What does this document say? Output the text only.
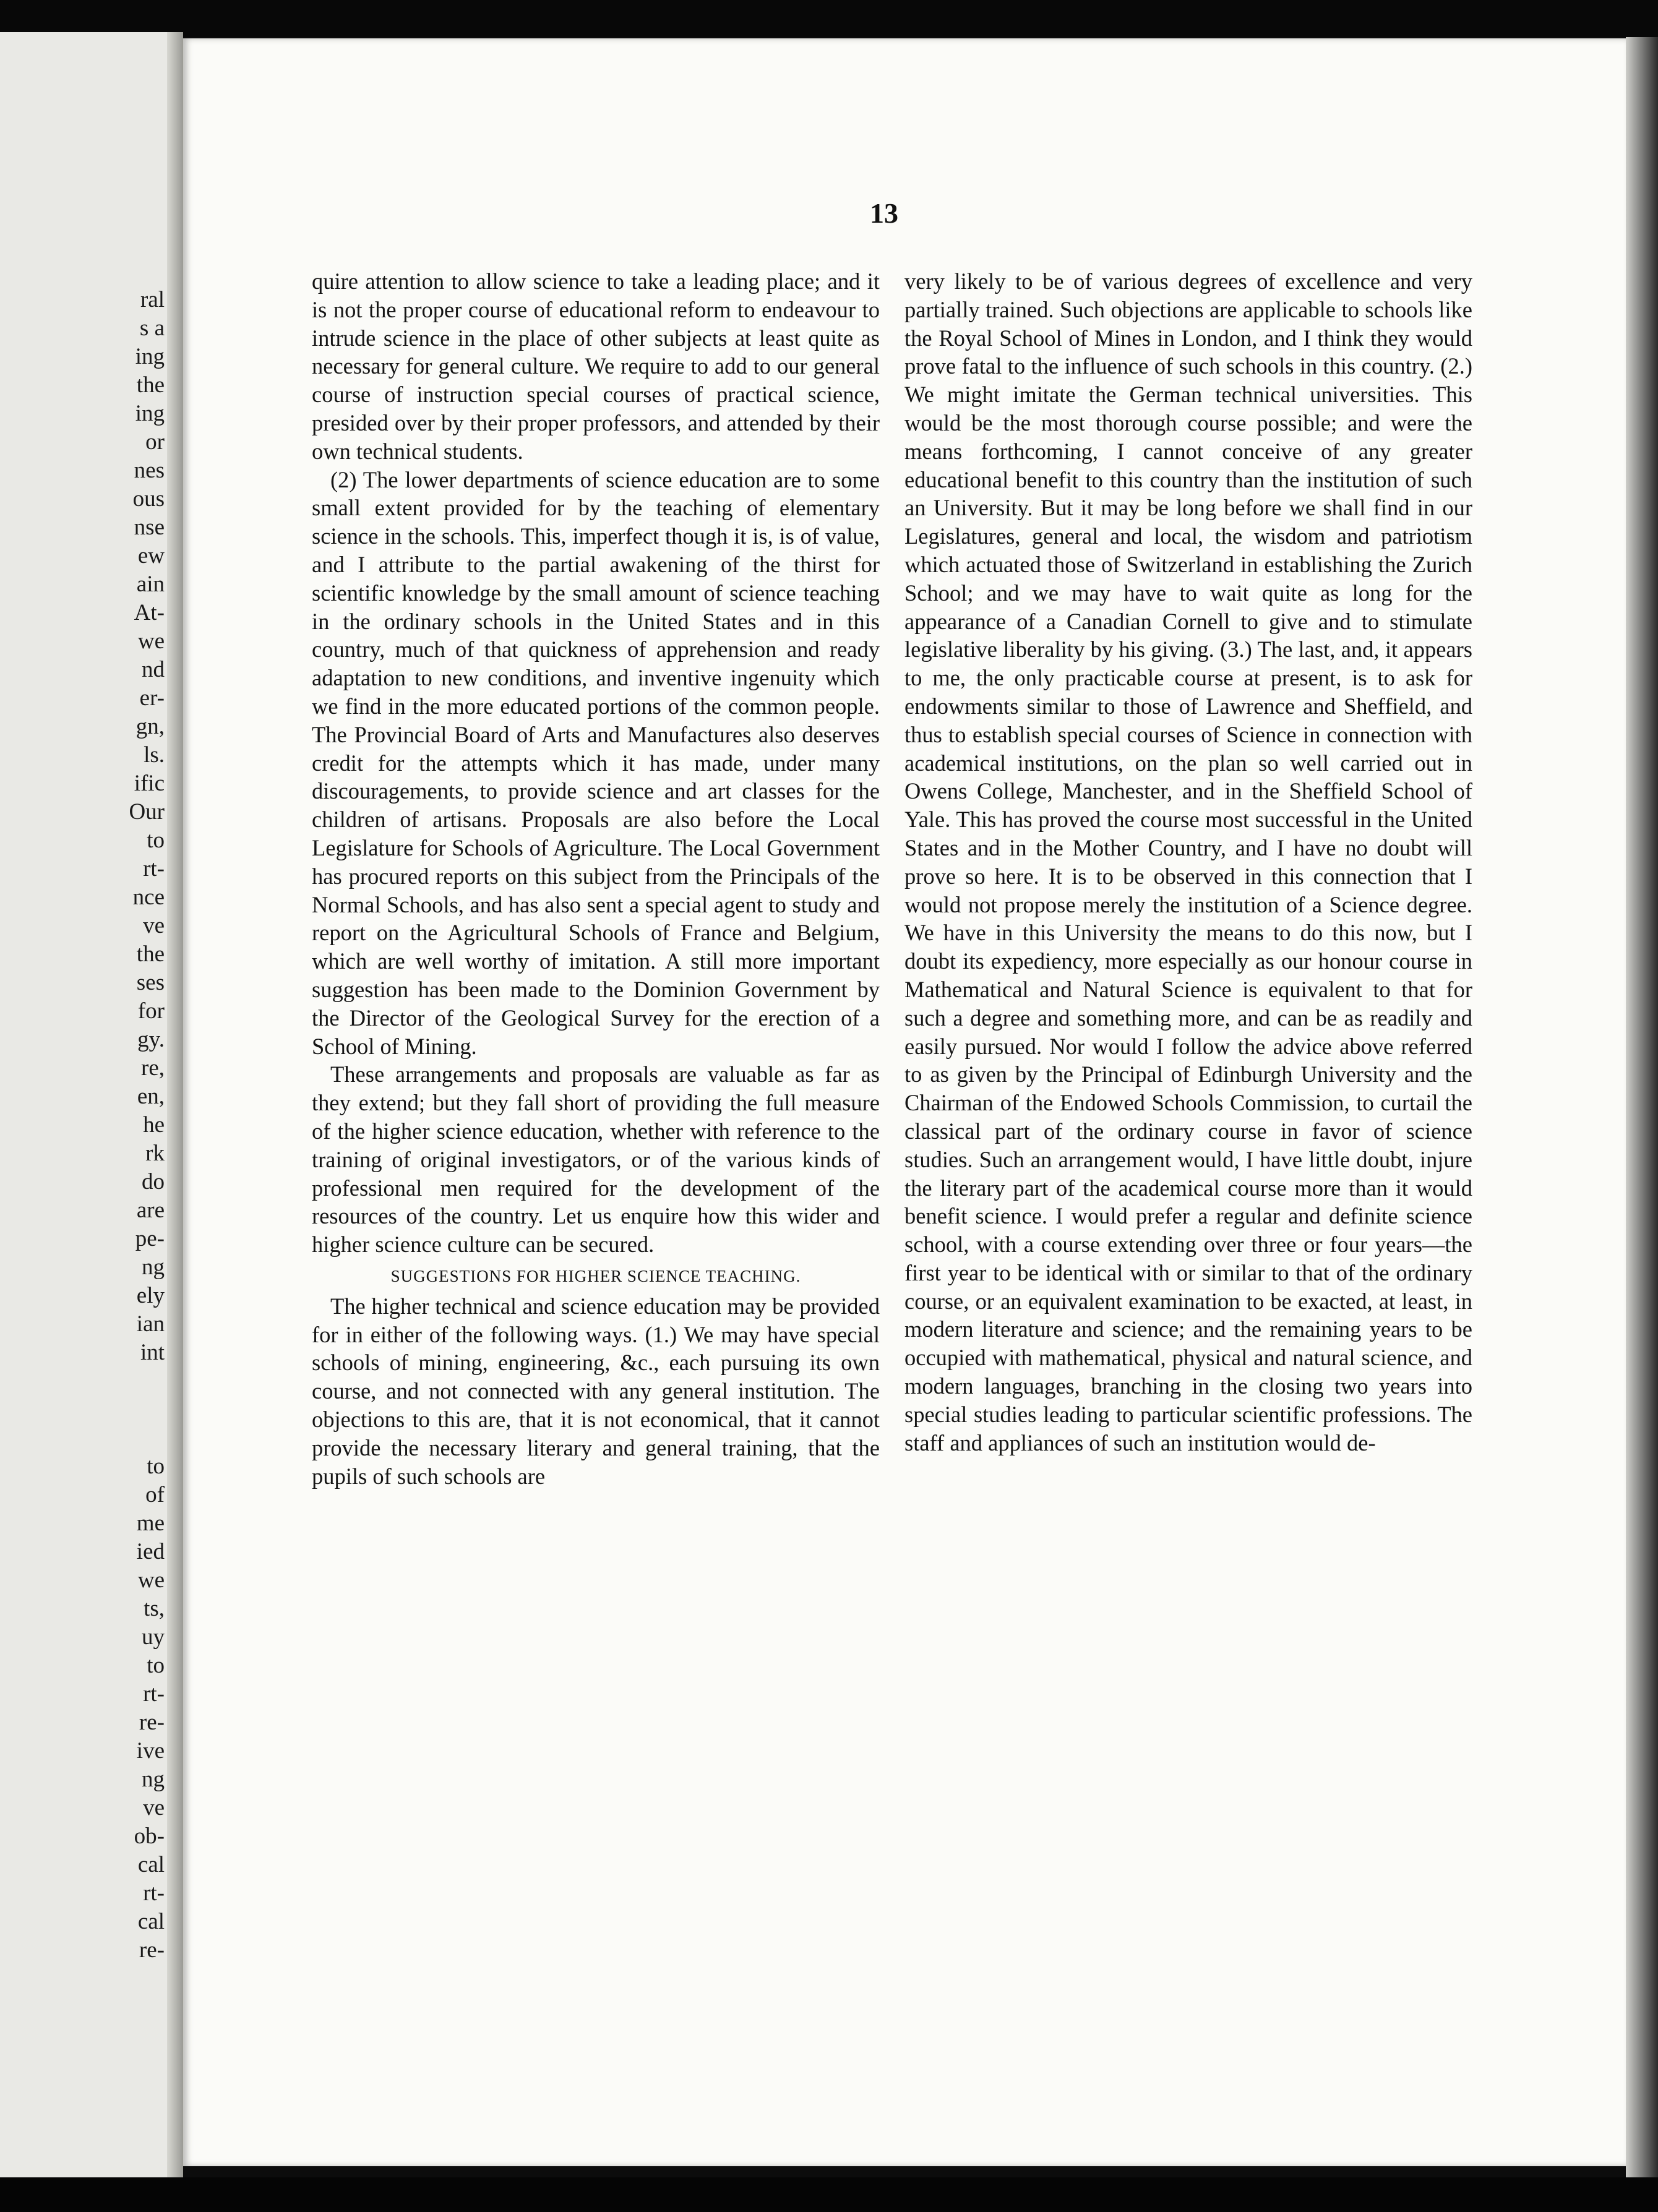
ral
s a
ing
the
ing
or
nes
ous
nse
ew
ain
At-
we
nd
er-
gn,
ls.
ific
Our
to
rt-
nce
ve
the
ses
for
gy.
re,
en,
he
rk
do
are
pe-
ng
ely
ian
int
to
of
me
ied
we
ts,
uy
to
rt-
re-
ive
ng
ve
ob-
cal
rt-
cal
re-
13

quire attention to allow science to take a leading place; and it is not the proper course of educational reform to endeavour to intrude science in the place of other subjects at least quite as necessary for general culture. We require to add to our general course of instruction special courses of practical science, presided over by their proper professors, and attended by their own technical students.

(2) The lower departments of science education are to some small extent provided for by the teaching of elementary science in the schools. This, imperfect though it is, is of value, and I attribute to the partial awakening of the thirst for scientific knowledge by the small amount of science teaching in the ordinary schools in the United States and in this country, much of that quickness of apprehension and ready adaptation to new conditions, and inventive ingenuity which we find in the more educated portions of the common people. The Provincial Board of Arts and Manufactures also deserves credit for the attempts which it has made, under many discouragements, to provide science and art classes for the children of artisans. Proposals are also before the Local Legislature for Schools of Agriculture. The Local Government has procured reports on this subject from the Principals of the Normal Schools, and has also sent a special agent to study and report on the Agricultural Schools of France and Belgium, which are well worthy of imitation. A still more important suggestion has been made to the Dominion Government by the Director of the Geological Survey for the erection of a School of Mining.

These arrangements and proposals are valuable as far as they extend; but they fall short of providing the full measure of the higher science education, whether with reference to the training of original investigators, or of the various kinds of professional men required for the development of the resources of the country. Let us enquire how this wider and higher science culture can be secured.

SUGGESTIONS FOR HIGHER SCIENCE TEACHING.

The higher technical and science education may be provided for in either of the following ways. (1.) We may have special schools of mining, engineering, &c., each pursuing its own course, and not connected with any general institution. The objections to this are, that it is not economical, that it cannot provide the necessary literary and general training, that the pupils of such schools are

very likely to be of various degrees of excellence and very partially trained. Such objections are applicable to schools like the Royal School of Mines in London, and I think they would prove fatal to the influence of such schools in this country. (2.) We might imitate the German technical universities. This would be the most thorough course possible; and were the means forthcoming, I cannot conceive of any greater educational benefit to this country than the institution of such an University. But it may be long before we shall find in our Legislatures, general and local, the wisdom and patriotism which actuated those of Switzerland in establishing the Zurich School; and we may have to wait quite as long for the appearance of a Canadian Cornell to give and to stimulate legislative liberality by his giving. (3.) The last, and, it appears to me, the only practicable course at present, is to ask for endowments similar to those of Lawrence and Sheffield, and thus to establish special courses of Science in connection with academical institutions, on the plan so well carried out in Owens College, Manchester, and in the Sheffield School of Yale. This has proved the course most successful in the United States and in the Mother Country, and I have no doubt will prove so here. It is to be observed in this connection that I would not propose merely the institution of a Science degree. We have in this University the means to do this now, but I doubt its expediency, more especially as our honour course in Mathematical and Natural Science is equivalent to that for such a degree and something more, and can be as readily and easily pursued. Nor would I follow the advice above referred to as given by the Principal of Edinburgh University and the Chairman of the Endowed Schools Commission, to curtail the classical part of the ordinary course in favor of science studies. Such an arrangement would, I have little doubt, injure the literary part of the academical course more than it would benefit science. I would prefer a regular and definite science school, with a course extending over three or four years—the first year to be identical with or similar to that of the ordinary course, or an equivalent examination to be exacted, at least, in modern literature and science; and the remaining years to be occupied with mathematical, physical and natural science, and modern languages, branching in the closing two years into special studies leading to particular scientific professions. The staff and appliances of such an institution would de-
